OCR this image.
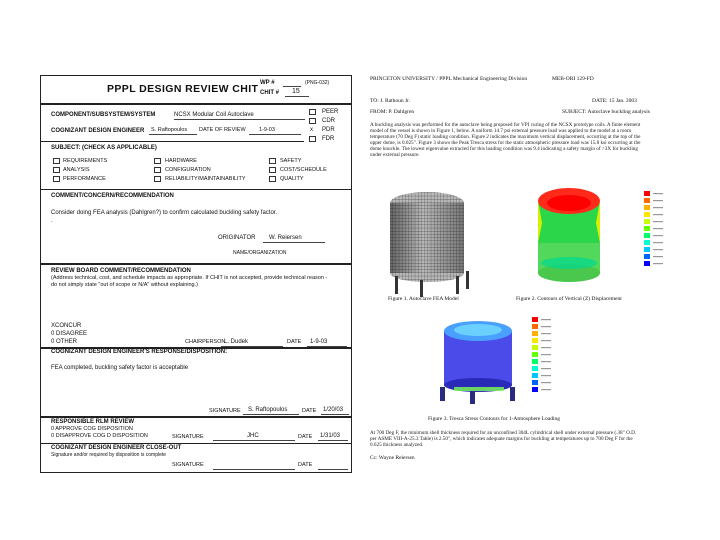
WP #	(PNG-032)
PPPL DESIGN REVIEW CHIT CHIT # 15
COMPONENT/SUBSYSTEM/SYSTEM	NCSX Modular Coil Autoclave	PEER
CDR
x PDR
FDR
COGNIZANT DESIGN ENGINEER S. Raftopoulos DATE OF REVIEW 1-9-03
SUBJECT: (CHECK AS APPLICABLE)
REQUIREMENTS	HARDWARE	SAFETY
ANALYSIS	CONFIGURATION	COST/SCHEDULE
PERFORMANCE	RELIABILITY/MAINTAINABILITY	QUALITY
COMMENT/CONCERN/RECOMMENDATION
Consider doing FEA analysis (Dahlgren?) to confirm calculated buckling safety factor.
.
ORIGINATOR W. Reiersen
NAME/ORGANIZATION
REVIEW BOARD COMMENT/RECOMMENDATION
(Address technical, cost, and schedule impacts as appropriate. If CHIT is not accepted, provide technical reason -
do not simply state "out of scope or N/A" without explaining.)
XCONCUR
0 DISAGREE
0 OTHER	CHAIRPERSON
L. Dudek	DATE 1-9-03
COGNIZANT DESIGN ENGINEER'S RESPONSE/DISPOSITION:
FEA completed, buckling safety factor is acceptable
SIGNATURE S. Raftopoulos	DATE 1/20/03
RESPONSIBLE RLM REVIEW
0 APPROVE COG DISPOSITION
0 DISAPPROVE COG D DISPOSITION	SIGNATURE	JHC	DATE 1/31/03
COGNIZANT DESIGN ENGINEER CLOSE-OUT
Signature and/or required by disposition is complete
SIGNATURE	DATE
PRINCETON UNIVERSITY / PPPL Mechanical Engineering Division	MEB-ORI 129-FD
TO: J. Rathoun Jr.	DATE: 15 Jan. 2003
FROM: P. Dahlgren	SUBJECT: Autoclave buckling analysis
A buckling analysis was performed for the autoclave being proposed for VPI curing of the NCSX prototype coils. A finite element model of the vessel is shown in Figure 1, below. A uniform 14.7 psi external pressure load was applied to the model at a room temperature (70 Deg F) static loading condition. Figure 2 indicates the maximum vertical displacement, occurring at the top of the upper dome, is 0.025". Figure 3 shows the Peak Tresca stress for the static atmospheric pressure load was 15.8 ksi occurring at the dome knuckle. The lowest eigenvalue extracted for this loading condition was 9.4 indicating a safety margin of >3X for buckling under external pressure.
Figure 1. Autoclave FEA Model	Figure 2. Contours of Vertical (Z) Displacement
Figure 3. Tresca Stress Contours for 1-Atmosphere Loading
At 700 Deg F, the minimum shell thickness required for an unconfined 304L cylindrical shell under external pressure (.38" O.D. per ASME VIII-A-25.3 Table) is 2.50", which indicates adequate margins for buckling at temperatures up to 700 Deg F for the 0.625 thickness analyzed.
Cc: Wayne Reiersen
